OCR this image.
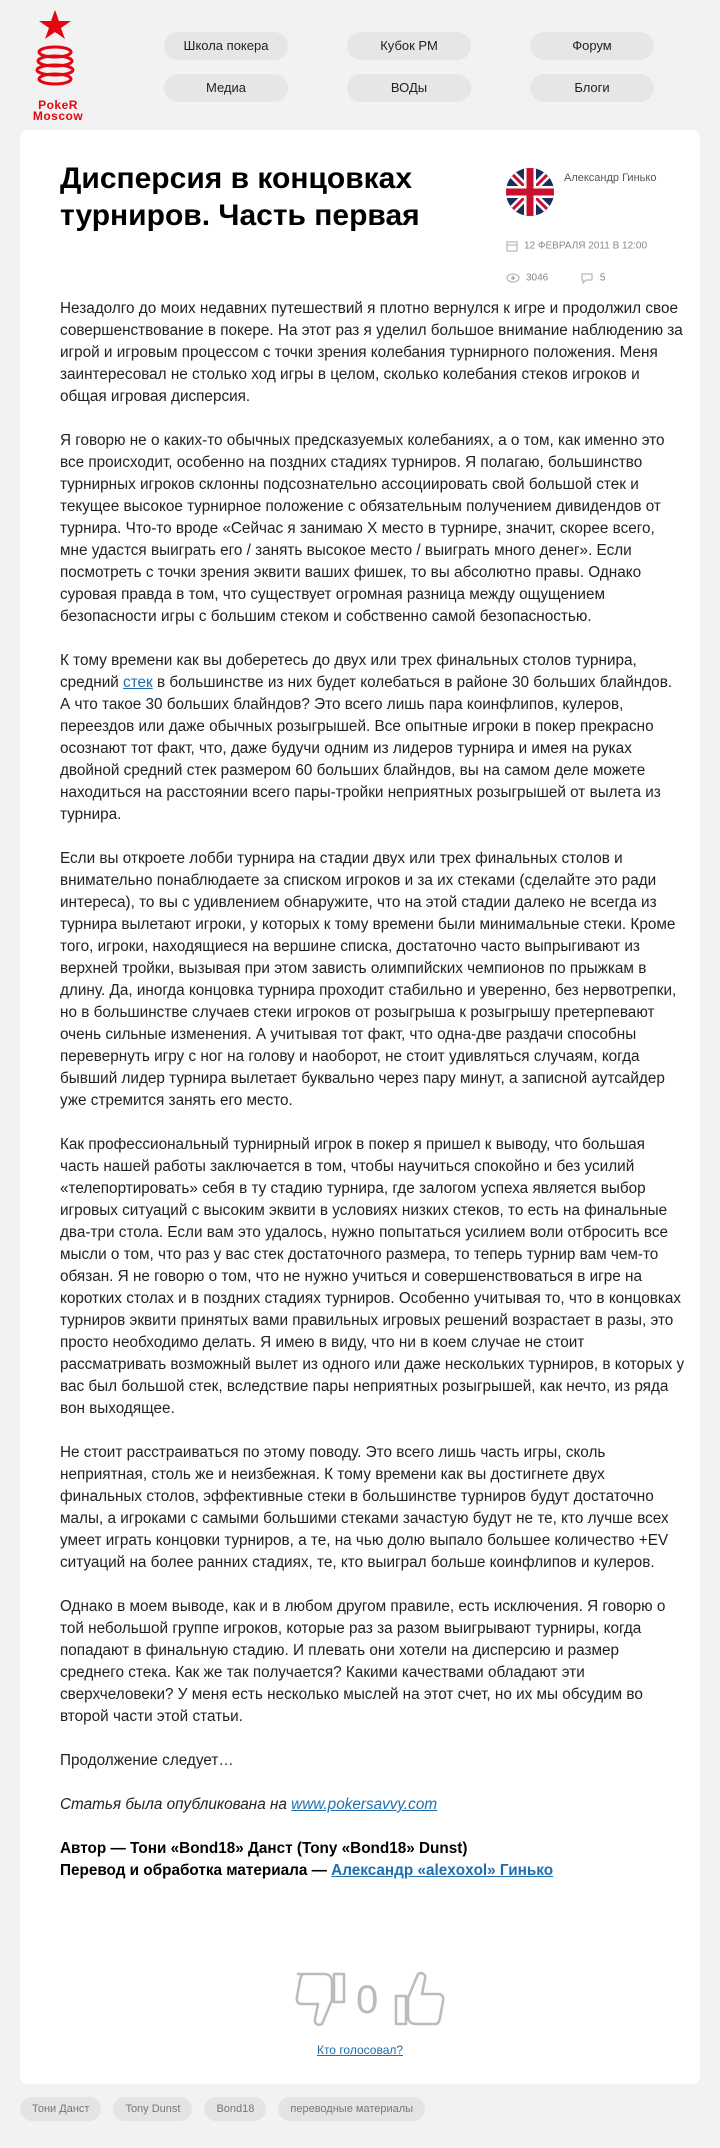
PokeR
Moscow
Школа покера	Кубок РМ	Форум
Медиа	ВОДы	Блоги
Дисперсия в концовках турниров. Часть первая
Александр Гинько
12 ФЕВРАЛЯ 2011 В 12:00
3046	5

Незадолго до моих недавних путешествий я плотно вернулся к игре и продолжил свое совершенствование в покере. На этот раз я уделил большое внимание наблюдению за игрой и игровым процессом с точки зрения колебания турнирного положения. Меня заинтересовал не столько ход игры в целом, сколько колебания стеков игроков и общая игровая дисперсия.

Я говорю не о каких-то обычных предсказуемых колебаниях, а о том, как именно это все происходит, особенно на поздних стадиях турниров. Я полагаю, большинство турнирных игроков склонны подсознательно ассоциировать свой большой стек и текущее высокое турнирное положение с обязательным получением дивидендов от турнира. Что-то вроде «Сейчас я занимаю X место в турнире, значит, скорее всего, мне удастся выиграть его / занять высокое место / выиграть много денег». Если посмотреть с точки зрения эквити ваших фишек, то вы абсолютно правы. Однако суровая правда в том, что существует огромная разница между ощущением безопасности игры с большим стеком и собственно самой безопасностью.

К тому времени как вы доберетесь до двух или трех финальных столов турнира, средний стек в большинстве из них будет колебаться в районе 30 больших блайндов. А что такое 30 больших блайндов? Это всего лишь пара коинфлипов, кулеров, переездов или даже обычных розыгрышей. Все опытные игроки в покер прекрасно осознают тот факт, что, даже будучи одним из лидеров турнира и имея на руках двойной средний стек размером 60 больших блайндов, вы на самом деле можете находиться на расстоянии всего пары-тройки неприятных розыгрышей от вылета из турнира.

Если вы откроете лобби турнира на стадии двух или трех финальных столов и внимательно понаблюдаете за списком игроков и за их стеками (сделайте это ради интереса), то вы с удивлением обнаружите, что на этой стадии далеко не всегда из турнира вылетают игроки, у которых к тому времени были минимальные стеки. Кроме того, игроки, находящиеся на вершине списка, достаточно часто выпрыгивают из верхней тройки, вызывая при этом зависть олимпийских чемпионов по прыжкам в длину. Да, иногда концовка турнира проходит стабильно и уверенно, без нервотрепки, но в большинстве случаев стеки игроков от розыгрыша к розыгрышу претерпевают очень сильные изменения. А учитывая тот факт, что одна-две раздачи способны перевернуть игру с ног на голову и наоборот, не стоит удивляться случаям, когда бывший лидер турнира вылетает буквально через пару минут, а записной аутсайдер уже стремится занять его место.

Как профессиональный турнирный игрок в покер я пришел к выводу, что большая часть нашей работы заключается в том, чтобы научиться спокойно и без усилий «телепортировать» себя в ту стадию турнира, где залогом успеха является выбор игровых ситуаций с высоким эквити в условиях низких стеков, то есть на финальные два-три стола. Если вам это удалось, нужно попытаться усилием воли отбросить все мысли о том, что раз у вас стек достаточного размера, то теперь турнир вам чем-то обязан. Я не говорю о том, что не нужно учиться и совершенствоваться в игре на коротких столах и в поздних стадиях турниров. Особенно учитывая то, что в концовках турниров эквити принятых вами правильных игровых решений возрастает в разы, это просто необходимо делать. Я имею в виду, что ни в коем случае не стоит рассматривать возможный вылет из одного или даже нескольких турниров, в которых у вас был большой стек, вследствие пары неприятных розыгрышей, как нечто, из ряда вон выходящее.

Не стоит расстраиваться по этому поводу. Это всего лишь часть игры, сколь неприятная, столь же и неизбежная. К тому времени как вы достигнете двух финальных столов, эффективные стеки в большинстве турниров будут достаточно малы, а игроками с самыми большими стеками зачастую будут не те, кто лучше всех умеет играть концовки турниров, а те, на чью долю выпало большее количество +EV ситуаций на более ранних стадиях, те, кто выиграл больше коинфлипов и кулеров.

Однако в моем выводе, как и в любом другом правиле, есть исключения. Я говорю о той небольшой группе игроков, которые раз за разом выигрывают турниры, когда попадают в финальную стадию. И плевать они хотели на дисперсию и размер среднего стека. Как же так получается? Какими качествами обладают эти сверхчеловеки? У меня есть несколько мыслей на этот счет, но их мы обсудим во второй части этой статьи.

Продолжение следует…

Статья была опубликована на www.pokersavvy.com

Автор — Тони «Bond18» Данст (Tony «Bond18» Dunst)
Перевод и обработка материала — Александр «alexoxol» Гинько
0
Кто голосовал?
Тони Данст	Tony Dunst	Bond18	переводные материалы
